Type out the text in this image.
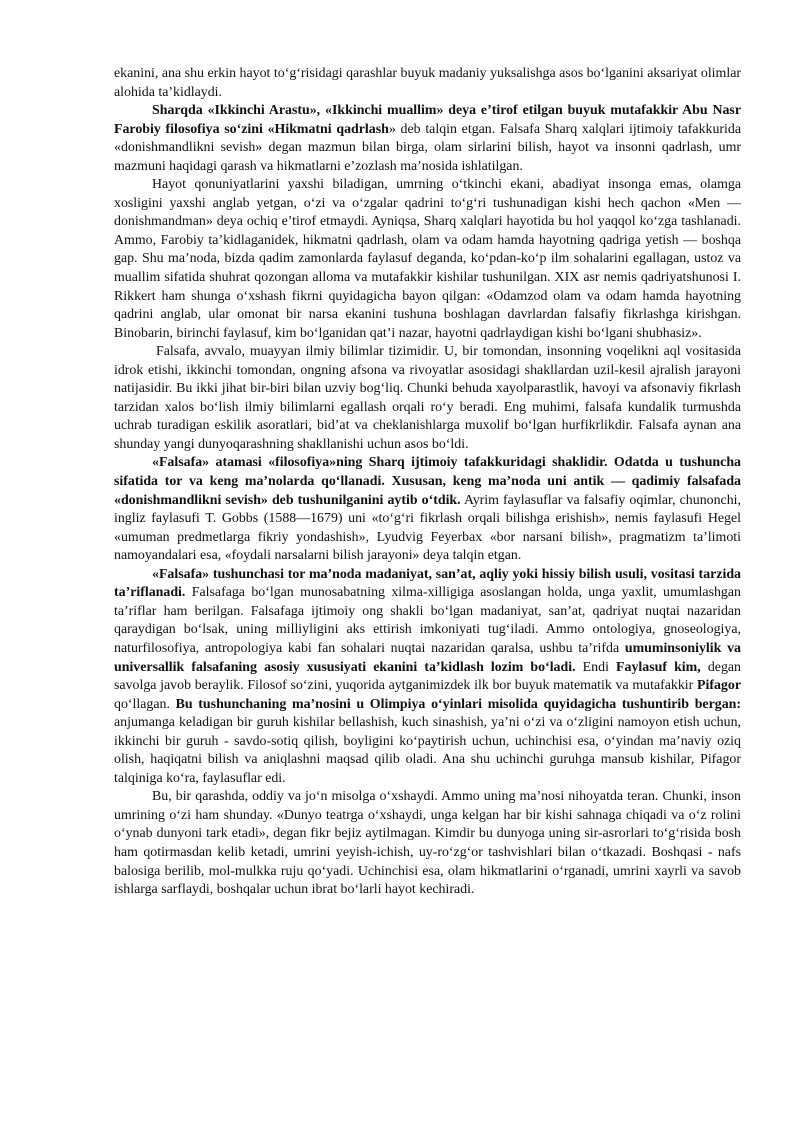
ekanini, ana shu erkin hayot to‘g‘risidagi qarashlar buyuk madaniy yuksalishga asos bo‘lganini aksariyat olimlar alohida ta’kidlaydi.

Sharqda «Ikkinchi Arastu», «Ikkinchi muallim» deya e’tirof etilgan buyuk mutafakkir Abu Nasr Farobiy filosofiya so‘zini «Hikmatni qadrlash» deb talqin etgan. Falsafa Sharq xalqlari ijtimoiy tafakkurida «donishmandlikni sevish» degan mazmun bilan birga, olam sirlarini bilish, hayot va insonni qadrlash, umr mazmuni haqidagi qarash va hikmatlarni e’zozlash ma’nosida ishlatilgan.

Hayot qonuniyatlarini yaxshi biladigan, umrning o‘tkinchi ekani, abadiyat insonga emas, olamga xosligini yaxshi anglab yetgan, o‘zi va o‘zgalar qadrini to‘g‘ri tushunadigan kishi hech qachon «Men — donishmandman» deya ochiq e’tirof etmaydi. Ayniqsa, Sharq xalqlari hayotida bu hol yaqqol ko‘zga tashlanadi. Ammo, Farobiy ta’kidlaganidek, hikmatni qadrlash, olam va odam hamda hayotning qadriga yetish — boshqa gap. Shu ma’noda, bizda qadim zamonlarda faylasuf deganda, ko‘pdan-ko‘p ilm sohalarini egallagan, ustoz va muallim sifatida shuhrat qozongan alloma va mutafakkir kishilar tushunilgan. XIX asr nemis qadriyatshunosi I. Rikkert ham shunga o‘xshash fikrni quyidagicha bayon qilgan: «Odamzod olam va odam hamda hayotning qadrini anglab, ular omonat bir narsa ekanini tushuna boshlagan davrlardan falsafiy fikrlashga kirishgan. Binobarin, birinchi faylasuf, kim bo‘lganidan qat’i nazar, hayotni qadrlaydigan kishi bo‘lgani shubhasiz».

Falsafa, avvalo, muayyan ilmiy bilimlar tizimidir. U, bir tomondan, insonning voqelikni aql vositasida idrok etishi, ikkinchi tomondan, ongning afsona va rivoyatlar asosidagi shakllardan uzil-kesil ajralish jarayoni natijasidir. Bu ikki jihat bir-biri bilan uzviy bog‘liq. Chunki behuda xayolparastlik, havoyi va afsonaviy fikrlash tarzidan xalos bo‘lish ilmiy bilimlarni egallash orqali ro‘y beradi. Eng muhimi, falsafa kundalik turmushda uchrab turadigan eskilik asoratlari, bid’at va cheklanishlarga muxolif bo‘lgan hurfikrlikdir. Falsafa aynan ana shunday yangi dunyoqarashning shakllanishi uchun asos bo‘ldi.

«Falsafa» atamasi «filosofiya»ning Sharq ijtimoiy tafakkuridagi shaklidir. Odatda u tushuncha sifatida tor va keng ma’nolarda qo‘llanadi. Xususan, keng ma’noda uni antik — qadimiy falsafada «donishmandlikni sevish» deb tushunilganini aytib o‘tdik. Ayrim faylasuflar va falsafiy oqimlar, chunonchi, ingliz faylasufi T. Gobbs (1588—1679) uni «to‘g‘ri fikrlash orqali bilishga erishish», nemis faylasufi Hegel «umuman predmetlarga fikriy yondashish», Lyudvig Feyerbax «bor narsani bilish», pragmatizm ta’limoti namoyandalari esa, «foydali narsalarni bilish jarayoni» deya talqin etgan.

«Falsafa» tushunchasi tor ma’noda madaniyat, san’at, aqliy yoki hissiy bilish usuli, vositasi tarzida ta’riflanadi. Falsafaga bo‘lgan munosabatning xilma-xilligiga asoslangan holda, unga yaxlit, umumlashgan ta’riflar ham berilgan. Falsafaga ijtimoiy ong shakli bo‘lgan madaniyat, san’at, qadriyat nuqtai nazaridan qaraydigan bo‘lsak, uning milliyligini aks ettirish imkoniyati tug‘iladi. Ammo ontologiya, gnoseologiya, naturfilosofiya, antropologiya kabi fan sohalari nuqtai nazaridan qaralsa, ushbu ta’rifda umuminsoniylik va universallik falsafaning asosiy xususiyati ekanini ta’kidlash lozim bo‘ladi. Endi Faylasuf kim, degan savolga javob beraylik. Filosof so‘zini, yuqorida aytganimizdek ilk bor buyuk matematik va mutafakkir Pifagor qo‘llagan. Bu tushunchaning ma’nosini u Olimpiya o‘yinlari misolida quyidagicha tushuntirib bergan: anjumanga keladigan bir guruh kishilar bellashish, kuch sinashish, ya’ni o‘zi va o‘zligini namoyon etish uchun, ikkinchi bir guruh - savdo-sotiq qilish, boyligini ko‘paytirish uchun, uchinchisi esa, o‘yindan ma’naviy oziq olish, haqiqatni bilish va aniqlashni maqsad qilib oladi. Ana shu uchinchi guruhga mansub kishilar, Pifagor talqiniga ko‘ra, faylasuflar edi.

Bu, bir qarashda, oddiy va jo‘n misolga o‘xshaydi. Ammo uning ma’nosi nihoyatda teran. Chunki, inson umrining o‘zi ham shunday. «Dunyo teatrga o‘xshaydi, unga kelgan har bir kishi sahnaga chiqadi va o‘z rolini o‘ynab dunyoni tark etadi», degan fikr bejiz aytilmagan. Kimdir bu dunyoga uning sir-asrorlari to‘g‘risida bosh ham qotirmasdan kelib ketadi, umrini yeyish-ichish, uy-ro‘zg‘or tashvishlari bilan o‘tkazadi. Boshqasi - nafs balosiga berilib, mol-mulkka ruju qo‘yadi. Uchinchisi esa, olam hikmatlarini o‘rganadi, umrini xayrli va savob ishlarga sarflaydi, boshqalar uchun ibrat bo‘larli hayot kechiradi.
